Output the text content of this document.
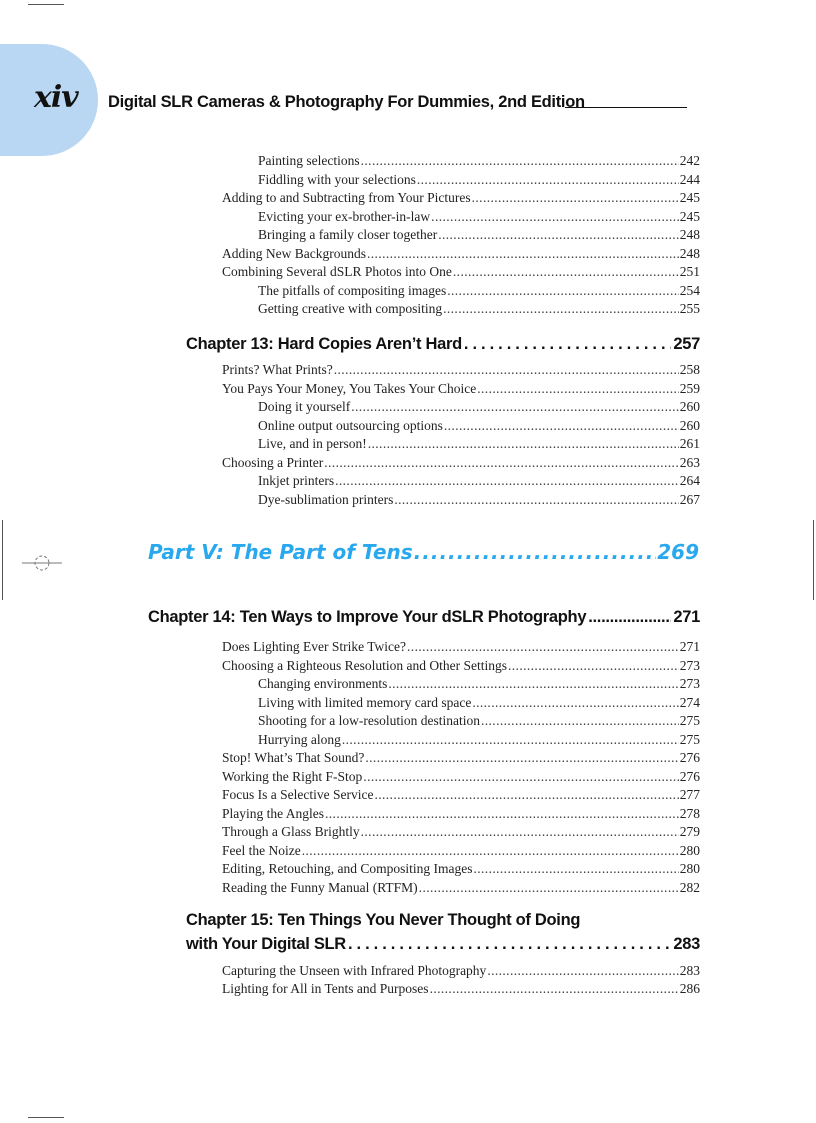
xiv Digital SLR Cameras & Photography For Dummies, 2nd Edition
Painting selections .....	242
Fiddling with your selections .....	244
Adding to and Subtracting from Your Pictures .....	245
Evicting your ex-brother-in-law .....	245
Bringing a family closer together .....	248
Adding New Backgrounds .....	248
Combining Several dSLR Photos into One .....	251
The pitfalls of compositing images .....	254
Getting creative with compositing .....	255
Chapter 13: Hard Copies Aren’t Hard . . .	257
Prints? What Prints? .....	258
You Pays Your Money, You Takes Your Choice .....	259
Doing it yourself .....	260
Online output outsourcing options .....	260
Live, and in person! .....	261
Choosing a Printer .....	263
Inkjet printers .....	264
Dye-sublimation printers .....	267
Part V: The Part of Tens .....	269
Chapter 14: Ten Ways to Improve Your dSLR Photography .....	271
Does Lighting Ever Strike Twice? .....	271
Choosing a Righteous Resolution and Other Settings .....	273
Changing environments .....	273
Living with limited memory card space .....	274
Shooting for a low-resolution destination .....	275
Hurrying along .....	275
Stop! What’s That Sound? .....	276
Working the Right F-Stop .....	276
Focus Is a Selective Service .....	277
Playing the Angles .....	278
Through a Glass Brightly .....	279
Feel the Noize .....	280
Editing, Retouching, and Compositing Images .....	280
Reading the Funny Manual (RTFM) .....	282
Chapter 15: Ten Things You Never Thought of Doing
with Your Digital SLR . . .	283
Capturing the Unseen with Infrared Photography .....	283
Lighting for All in Tents and Purposes .....	286
